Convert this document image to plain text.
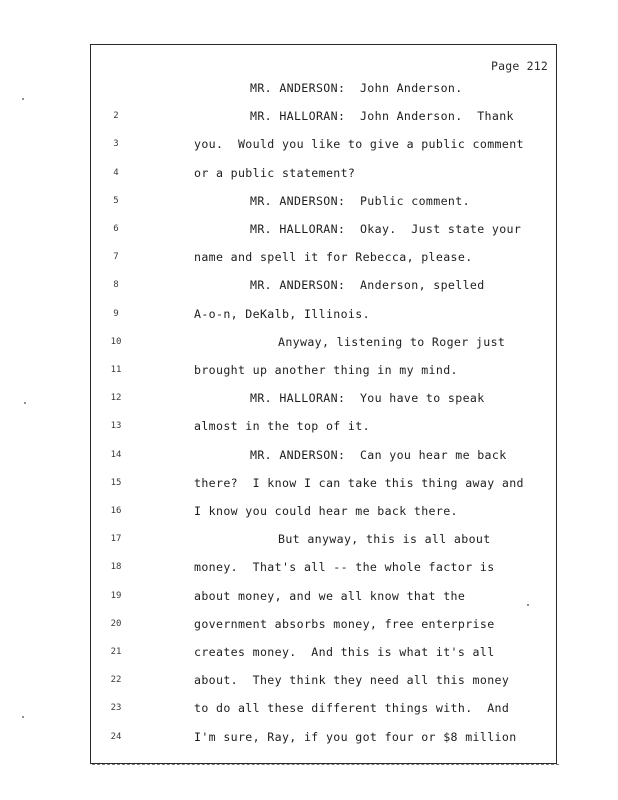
Page 212
MR. ANDERSON:  John Anderson.
2	MR. HALLORAN:  John Anderson.  Thank
3	you.  Would you like to give a public comment
4	or a public statement?
5	MR. ANDERSON:  Public comment.
6	MR. HALLORAN:  Okay.  Just state your
7	name and spell it for Rebecca, please.
8	MR. ANDERSON:  Anderson, spelled
9	A-o-n, DeKalb, Illinois.
10	Anyway, listening to Roger just
11	brought up another thing in my mind.
12	MR. HALLORAN:  You have to speak
13	almost in the top of it.
14	MR. ANDERSON:  Can you hear me back
15	there?  I know I can take this thing away and
16	I know you could hear me back there.
17	But anyway, this is all about
18	money.  That's all -- the whole factor is
19	about money, and we all know that the
20	government absorbs money, free enterprise
21	creates money.  And this is what it's all
22	about.  They think they need all this money
23	to do all these different things with.  And
24	I'm sure, Ray, if you got four or $8 million
